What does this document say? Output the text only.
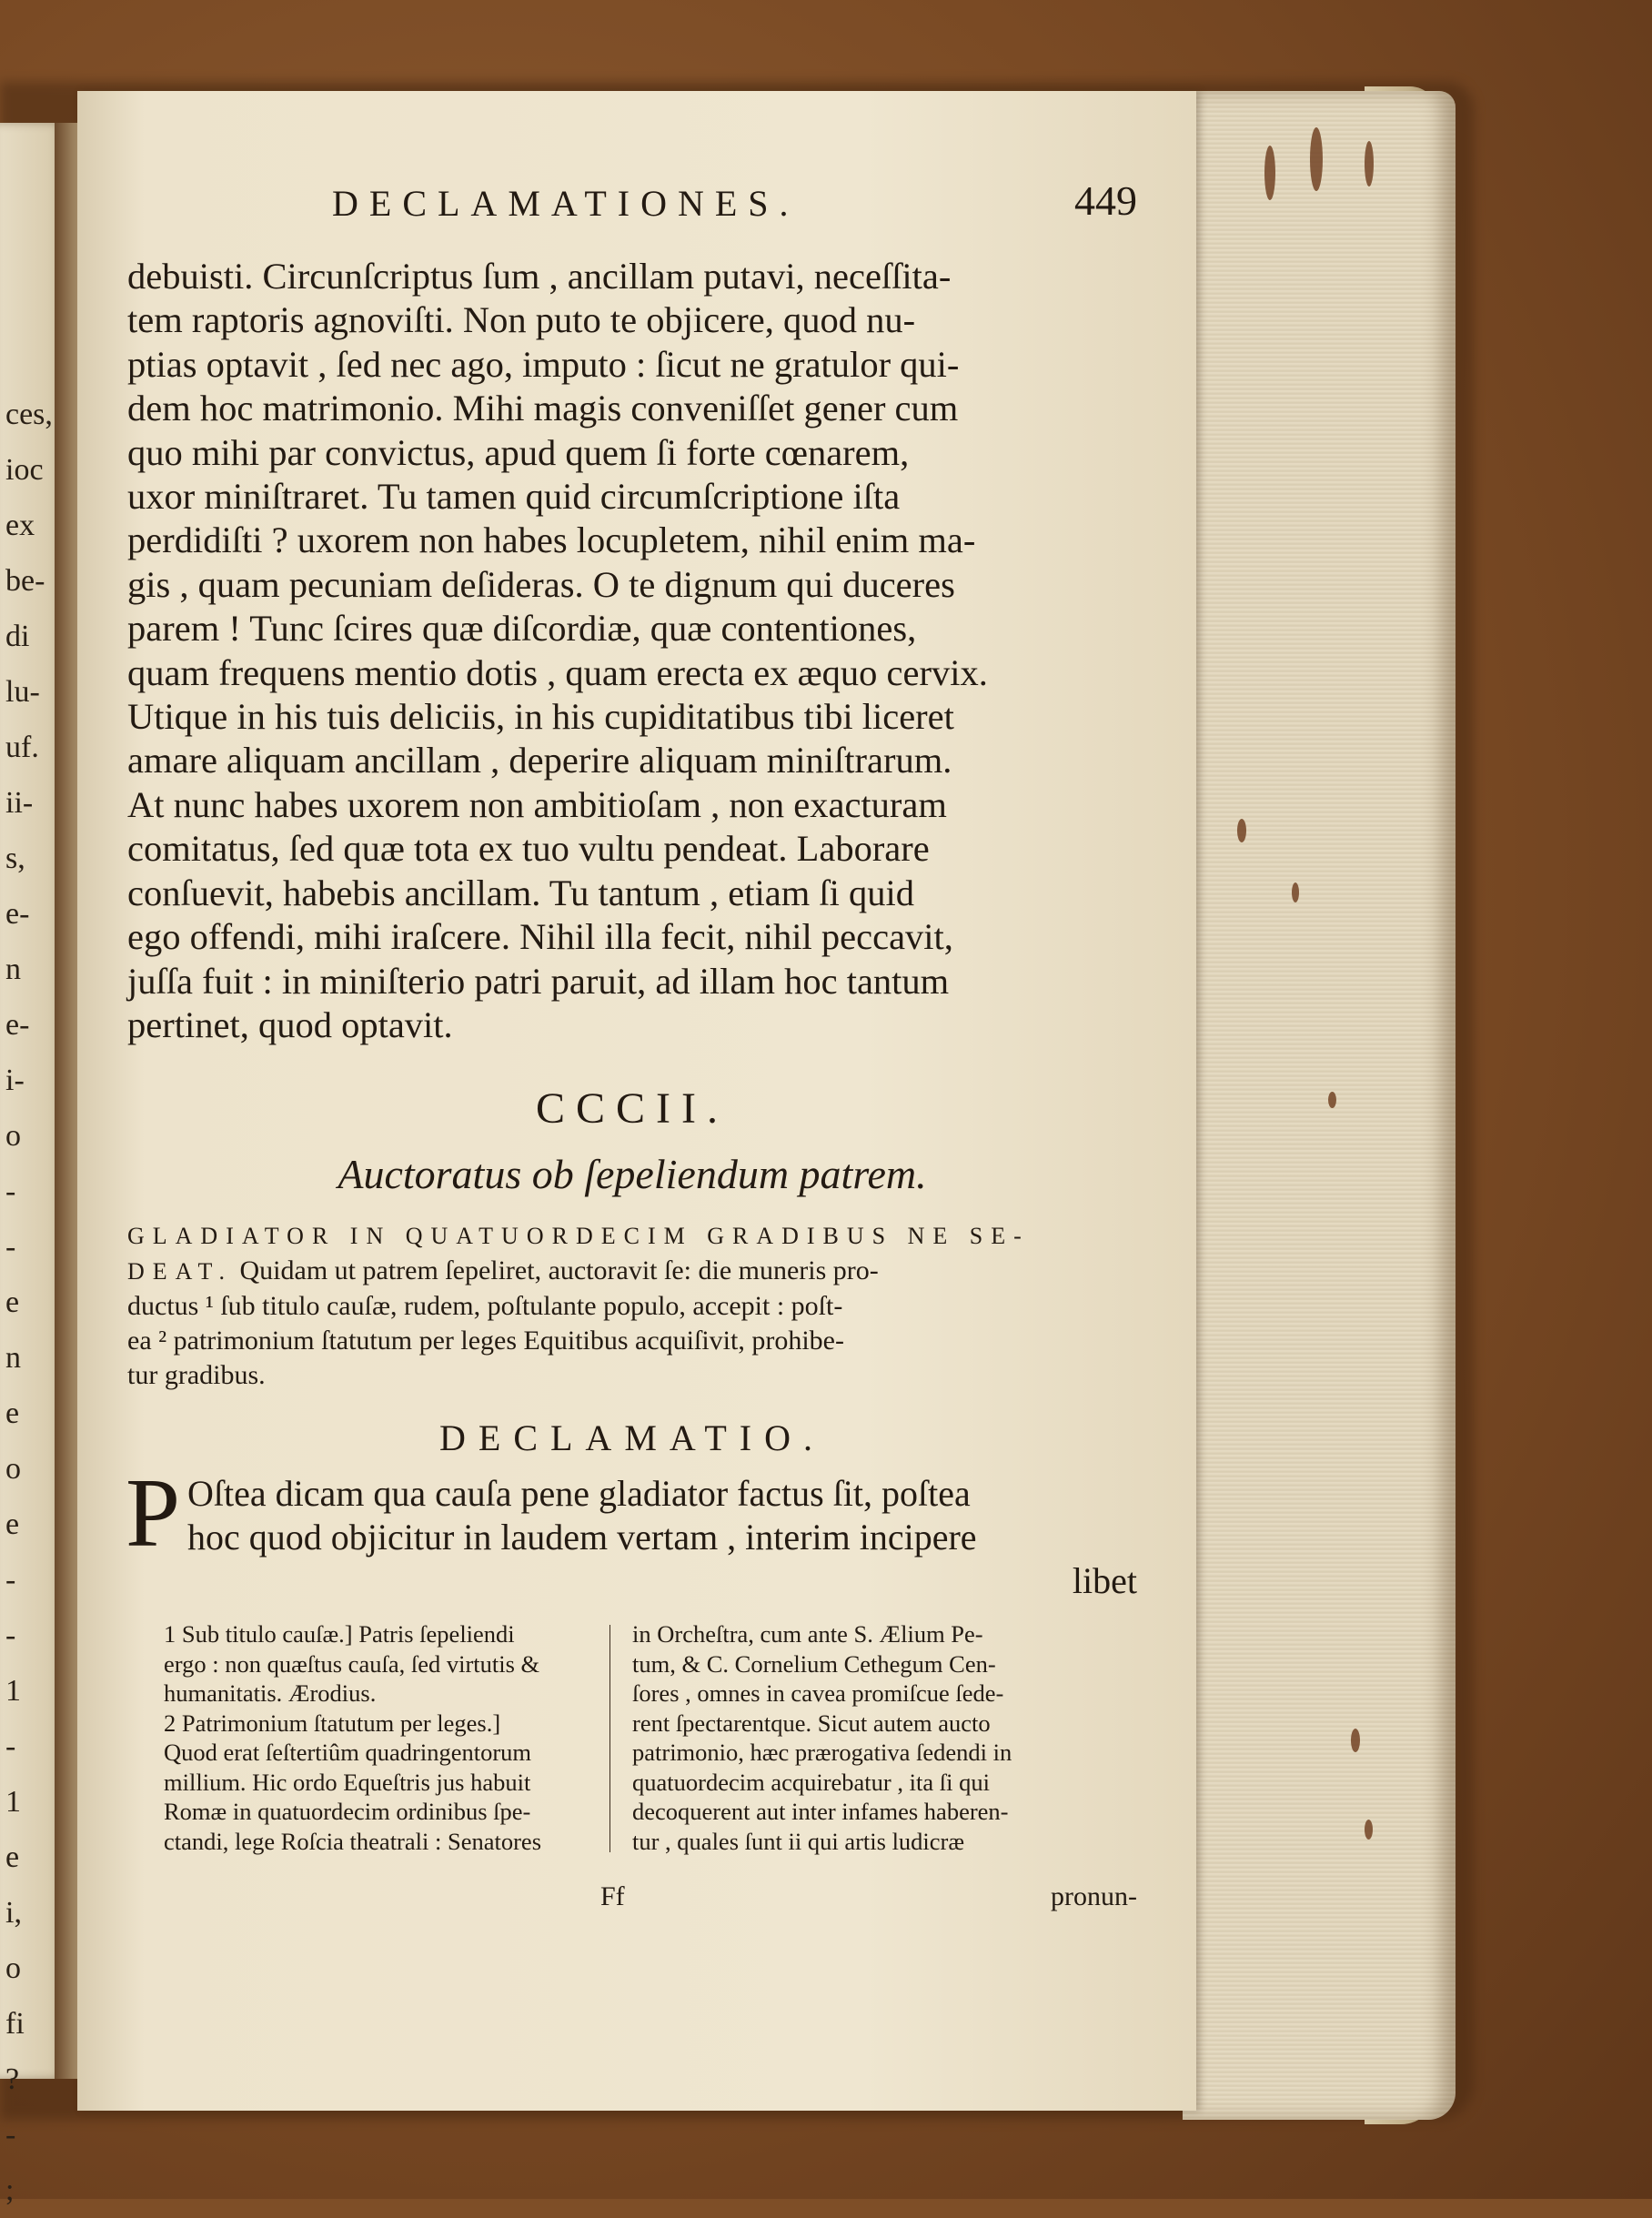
ces,
ioc
ex
be-
di
lu-
uf.
ii-
s,
e-
n
e-
i-
o
-
-
e
n
e
o
e
-
-
1
-
1
e
i,
o
fi
?
-
;
DECLAMATIONES.	449
debuisti. Circunſcriptus ſum , ancillam putavi, neceſſita-
tem raptoris agnoviſti. Non puto te objicere, quod nu-
ptias optavit , ſed nec ago, imputo : ſicut ne gratulor qui-
dem hoc matrimonio. Mihi magis conveniſſet gener cum
quo mihi par convictus, apud quem ſi forte cœnarem,
uxor miniſtraret. Tu tamen quid circumſcriptione iſta
perdidiſti ? uxorem non habes locupletem, nihil enim ma-
gis , quam pecuniam deſideras. O te dignum qui duceres
parem ! Tunc ſcires quæ diſcordiæ, quæ contentiones,
quam frequens mentio dotis , quam erecta ex æquo cervix.
Utique in his tuis deliciis, in his cupiditatibus tibi liceret
amare aliquam ancillam , deperire aliquam miniſtrarum.
At nunc habes uxorem non ambitioſam , non exacturam
comitatus, ſed quæ tota ex tuo vultu pendeat. Laborare
conſuevit, habebis ancillam. Tu tantum , etiam ſi quid
ego offendi, mihi iraſcere. Nihil illa fecit, nihil peccavit,
juſſa fuit : in miniſterio patri paruit, ad illam hoc tantum
pertinet, quod optavit.
CCCII.
Auctoratus ob ſepeliendum patrem.
GLADIATOR IN QUATUORDECIM GRADIBUS NE SE-
DEAT. Quidam ut patrem ſepeliret, auctoravit ſe: die muneris pro-
ductus ¹ ſub titulo cauſæ, rudem, poſtulante populo, accepit : poſt-
ea ² patrimonium ſtatutum per leges Equitibus acquiſivit, prohibe-
tur gradibus.
DECLAMATIO.
P Oſtea dicam qua cauſa pene gladiator factus ſit, poſtea
hoc quod objicitur in laudem vertam , interim incipere
libet
1 Sub titulo cauſæ.] Patris ſepeliendi
ergo : non quæſtus cauſa, ſed virtutis &
humanitatis. Ærodius.
2 Patrimonium ſtatutum per leges.]
Quod erat ſeſtertiûm quadringentorum
millium. Hic ordo Equeſtris jus habuit
Romæ in quatuordecim ordinibus ſpe-
ctandi, lege Roſcia theatrali : Senatores
in Orcheſtra, cum ante S. Ælium Pe-
tum, & C. Cornelium Cethegum Cen-
ſores , omnes in cavea promiſcue ſede-
rent ſpectarentque. Sicut autem aucto
patrimonio, hæc prærogativa ſedendi in
quatuordecim acquirebatur , ita ſi qui
decoquerent aut inter infames haberen-
tur , quales ſunt ii qui artis ludicræ
Ff	pronun-
